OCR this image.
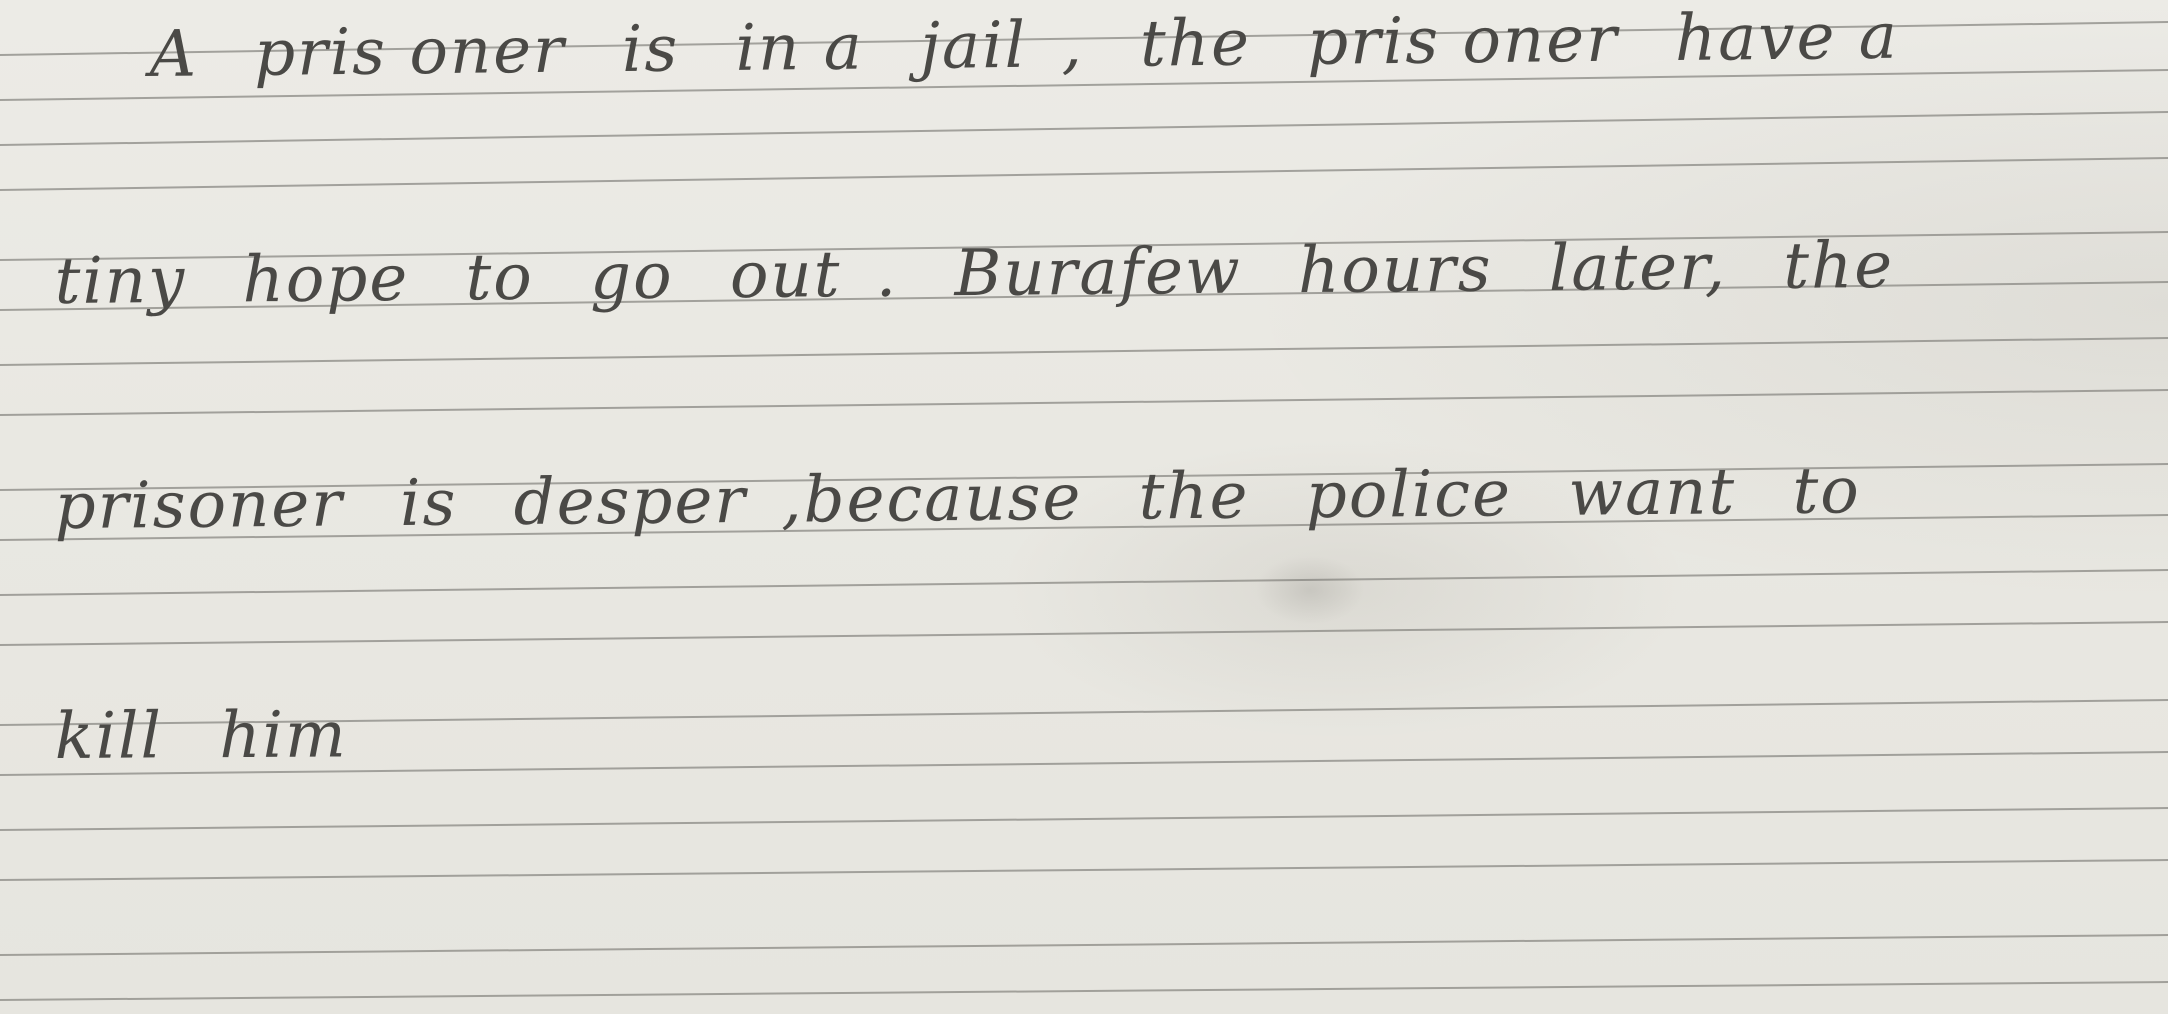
A pris oner is in a jail , the pris oner have a
tiny hope to go out . Burafew hours later, the
prisoner is desper ,because the police want to
kill him
